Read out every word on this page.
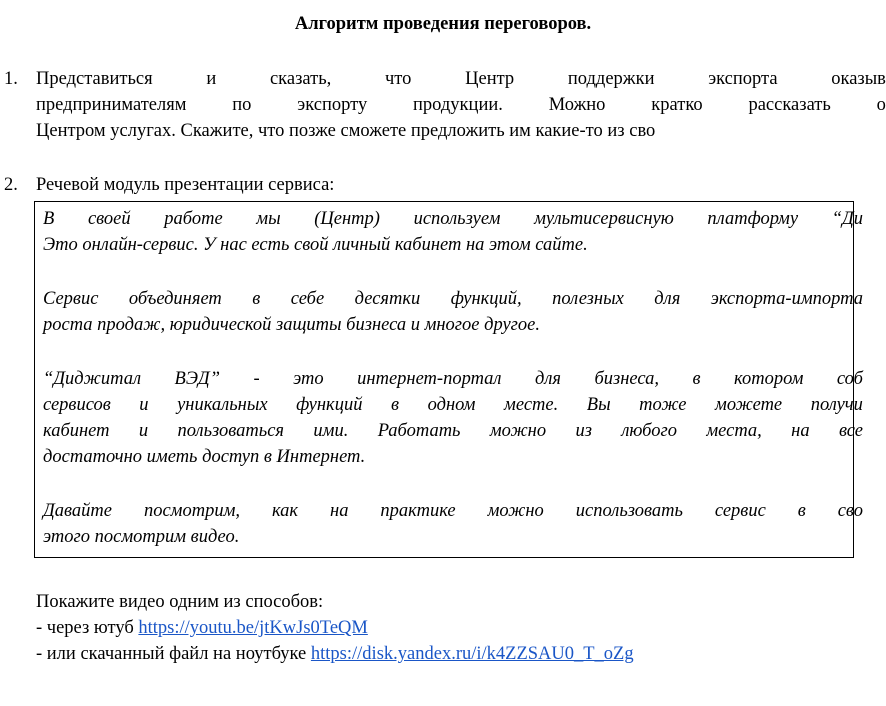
Алгоритм проведения переговоров.
1. Представиться	и	сказать,	что	Центр	поддержки	экспорта	оказыв
предпринимателям по экспорту продукции. Можно кратко рассказать о
Центром услугах. Скажите, что позже сможете предложить им какие-то из сво
2. Речевой модуль презентации сервиса:
В своей работе мы (Центр) используем мультисервисную платформу “Ди
Это онлайн-сервис. У нас есть свой личный кабинет на этом сайте.
Сервис объединяет в себе десятки функций, полезных для экспорта-импорта
роста продаж, юридической защиты бизнеса и многое другое.
“Диджитал ВЭД” - это интернет-портал для бизнеса, в котором соб
сервисов и уникальных функций в одном месте. Вы тоже можете получи
кабинет и пользоваться ими. Работать можно из любого места, на все
достаточно иметь доступ в Интернет.
Давайте посмотрим, как на практике можно использовать сервис в сво
этого посмотрим видео.
Покажите видео одним из способов:
- через ютуб https://youtu.be/jtKwJs0TeQM
- или скачанный файл на ноутбуке https://disk.yandex.ru/i/k4ZZSAU0_T_oZg
